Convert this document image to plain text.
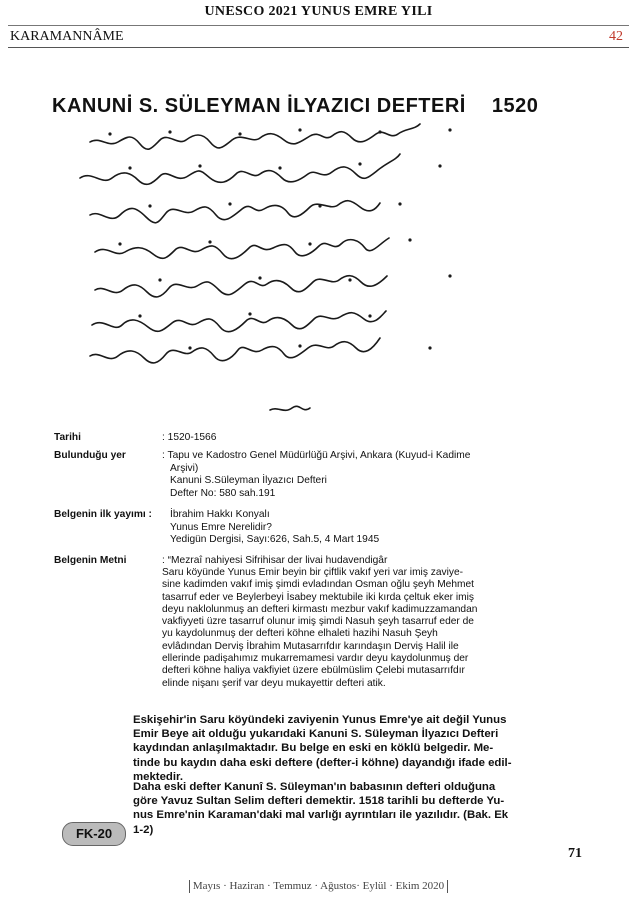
UNESCO 2021 YUNUS EMRE YILI
KARAMANNÂME	42
KANUNİ S. SÜLEYMAN İLYAZICI DEFTERİ 1520
Tarihi	: 1520-1566
Bulunduğu yer	: Tapu ve Kadostro Genel Müdürlüğü Arşivi, Ankara (Kuyud-i Kadime
Arşivi)
Kanuni S.Süleyman İlyazıcı Defteri
Defter No: 580 sah.191
Belgenin ilk yayımı : İbrahim Hakkı Konyalı
Yunus Emre Nerelidir?
Yedigün Dergisi, Sayı:626, Sah.5, 4 Mart 1945
Belgenin Metni	: “Mezraî nahiyesi Sifrihisar der livai hudavendigâr
Saru köyünde Yunus Emir beyin bir çiftlik vakıf yeri var imiş zaviye-
sine kadimden vakıf imiş şimdi evladından Osman oğlu şeyh Mehmet
tasarruf eder ve Beylerbeyi İsabey mektubile iki kırda çeltuk eker imiş
deyu naklolunmuş an defteri kirmastı mezbur vakıf kadimuzzamandan
vakfiyyeti üzre tasarruf olunur imiş şimdi Nasuh şeyh tasarruf eder de
yu kaydolunmuş der defteri köhne elhaleti hazihi Nasuh Şeyh
evlâdından Derviş İbrahim Mutasarrıfdır karındaşın Derviş Halil ile
ellerinde padişahımız mukarremamesi vardır deyu kaydolunmuş der
defteri köhne haliya vakfiyiet üzere ebülmüslim Çelebi mutasarrıfdır
elinde nişanı şerif var deyu mukayettir defteri atik.
Eskişehir'in Saru köyündeki zaviyenin Yunus Emre'ye ait değil Yunus
Emir Beye ait olduğu yukarıdaki Kanuni S. Süleyman İlyazıcı Defteri
kaydından anlaşılmaktadır. Bu belge en eski en köklü belgedir. Me-
tinde bu kaydın daha eski deftere (defter-i köhne) dayandığı ifade edil-
mektedir.
Daha eski defter Kanunî S. Süleyman'ın babasının defteri olduğuna
göre Yavuz Sultan Selim defteri demektir. 1518 tarihli bu defterde Yu-
nus Emre'nin Karaman'daki mal varlığı ayrıntıları ile yazılıdır. (Bak. Ek
1-2)
FK-20
71
Mayıs · Haziran · Temmuz · Ağustos· Eylül · Ekim 2020
